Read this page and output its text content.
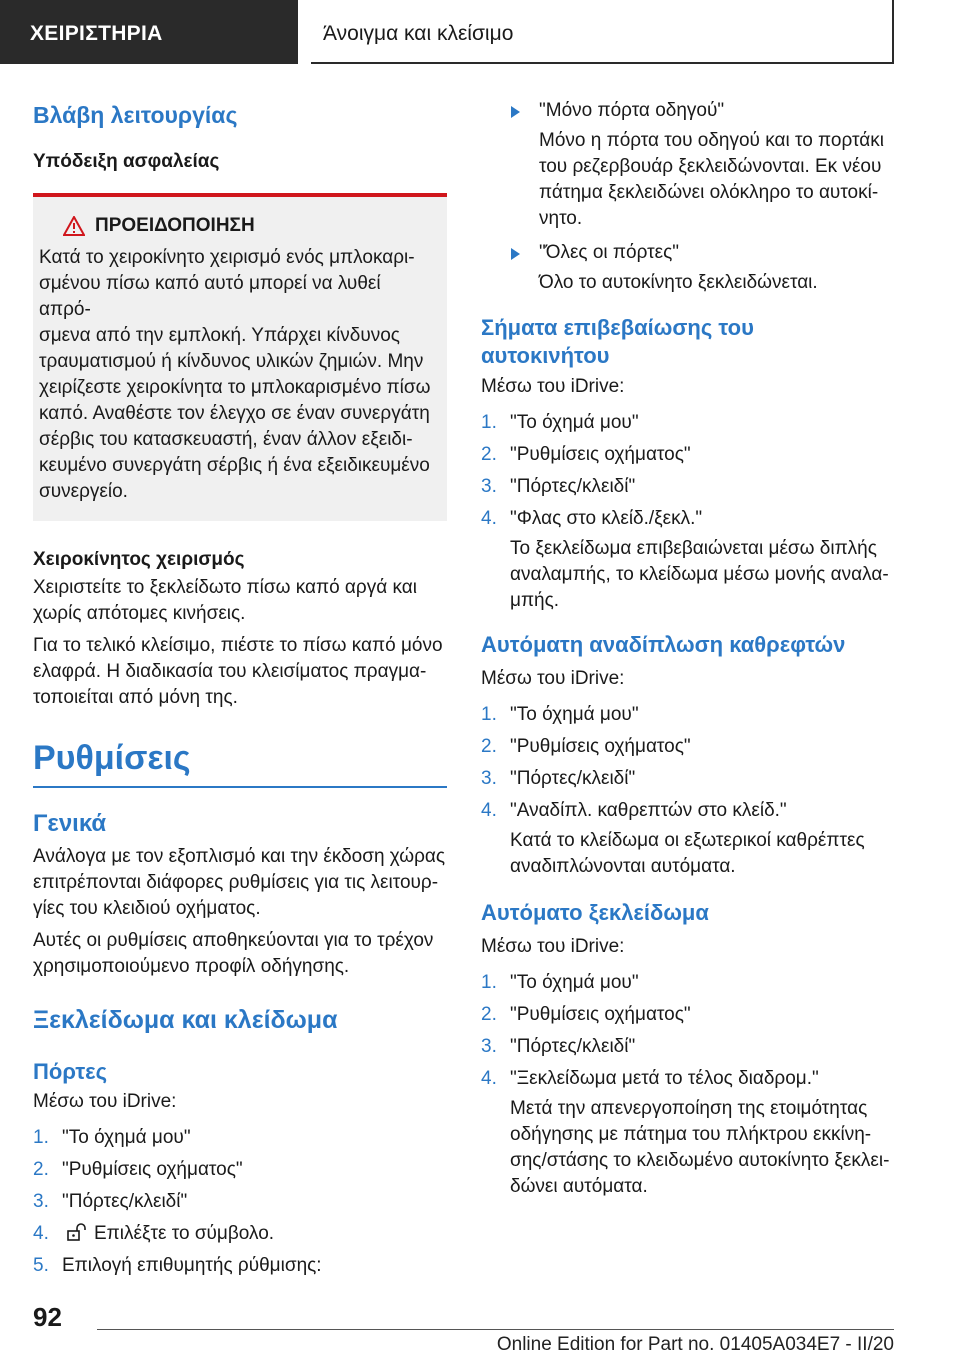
ΧΕΙΡΙΣΤΗΡΙΑ	Άνοιγμα και κλείσιμο
Βλάβη λειτουργίας
Υπόδειξη ασφαλείας
ΠΡΟΕΙΔΟΠΟΙΗΣΗ

Κατά το χειροκίνητο χειρισμό ενός μπλοκαρι-

σμένου πίσω καπό αυτό μπορεί να λυθεί απρό-

σμενα από την εμπλοκή. Υπάρχει κίνδυνος

τραυματισμού ή κίνδυνος υλικών ζημιών. Μην

χειρίζεστε χειροκίνητα το μπλοκαρισμένο πίσω

καπό. Αναθέστε τον έλεγχο σε έναν συνεργάτη

σέρβις του κατασκευαστή, έναν άλλον εξειδι-

κευμένο συνεργάτη σέρβις ή ένα εξειδικευμένο

συνεργείο.

Χειροκίνητος χειρισμός

Χειριστείτε το ξεκλείδωτο πίσω καπό αργά και

χωρίς απότομες κινήσεις.

Για το τελικό κλείσιμο, πιέστε το πίσω καπό μόνο

ελαφρά. Η διαδικασία του κλεισίματος πραγμα-

τοποιείται από μόνη της.

Ρυθμίσεις
Γενικά

Ανάλογα με τον εξοπλισμό και την έκδοση χώρας

επιτρέπονται διάφορες ρυθμίσεις για τις λειτουρ-

γίες του κλειδιού οχήματος.

Αυτές οι ρυθμίσεις αποθηκεύονται για το τρέχον

χρησιμοποιούμενο προφίλ οδήγησης.

Ξεκλείδωμα και κλείδωμα
Πόρτες

Μέσω του iDrive:

1. "Το όχημά μου"
2. "Ρυθμίσεις οχήματος"
3. "Πόρτες/κλειδί"
4. Επιλέξτε το σύμβολο.
5. Επιλογή επιθυμητής ρύθμισης:
"Μόνο πόρτα οδηγού"
Μόνο η πόρτα του οδηγού και το πορτάκι
του ρεζερβουάρ ξεκλειδώνονται. Εκ νέου
πάτημα ξεκλειδώνει ολόκληρο το αυτοκί-
νητο.
"Όλες οι πόρτες"
Όλο το αυτοκίνητο ξεκλειδώνεται.
Σήματα επιβεβαίωσης του
αυτοκινήτου

Μέσω του iDrive:

1. "Το όχημά μου"
2. "Ρυθμίσεις οχήματος"
3. "Πόρτες/κλειδί"
4. "Φλας στο κλείδ./ξεκλ."
Το ξεκλείδωμα επιβεβαιώνεται μέσω διπλής
αναλαμπής, το κλείδωμα μέσω μονής αναλα-
μπής.
Αυτόματη αναδίπλωση καθρεφτών

Μέσω του iDrive:

1. "Το όχημά μου"
2. "Ρυθμίσεις οχήματος"
3. "Πόρτες/κλειδί"
4. "Αναδίπλ. καθρεπτών στο κλείδ."
Κατά το κλείδωμα οι εξωτερικοί καθρέπτες
αναδιπλώνονται αυτόματα.
Αυτόματο ξεκλείδωμα

Μέσω του iDrive:

1. "Το όχημά μου"
2. "Ρυθμίσεις οχήματος"
3. "Πόρτες/κλειδί"
4. "Ξεκλείδωμα μετά το τέλος διαδρομ."
Μετά την απενεργοποίηση της ετοιμότητας
οδήγησης με πάτημα του πλήκτρου εκκίνη-
σης/στάσης το κλειδωμένο αυτοκίνητο ξεκλει-
δώνει αυτόματα.
92
Online Edition for Part no. 01405A034E7 - II/20
